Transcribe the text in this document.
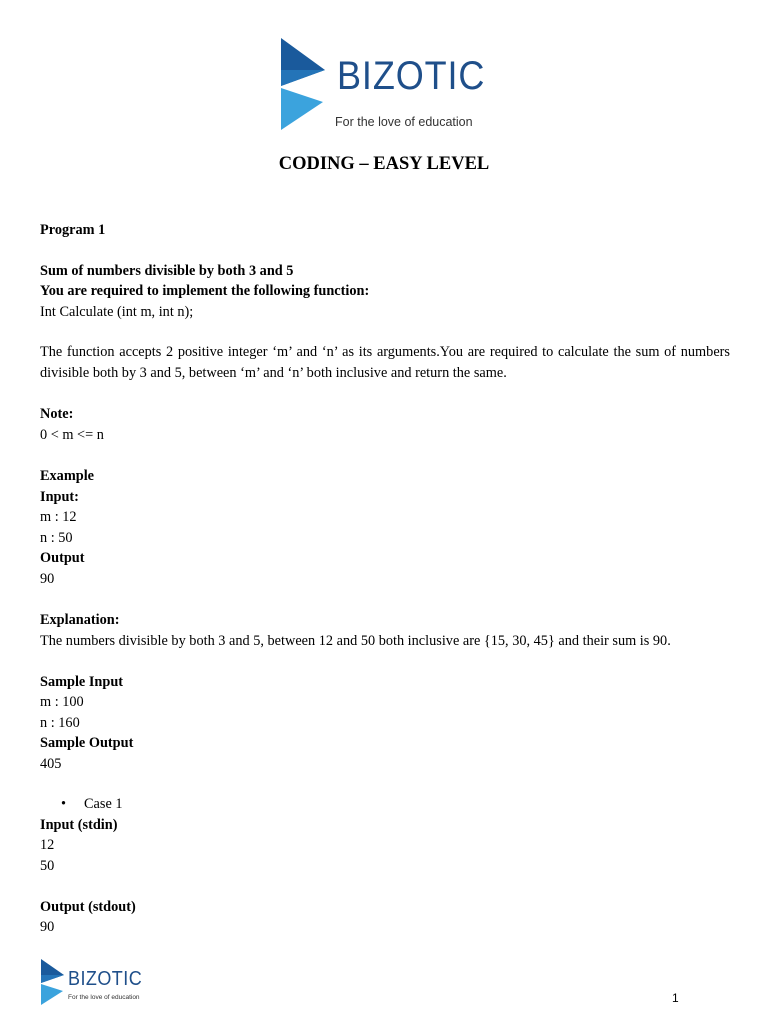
BIZOTIC
For the love of education
CODING – EASY LEVEL
Program 1
Sum of numbers divisible by both 3 and 5
You are required to implement the following function:
Int Calculate (int m, int n);
The function accepts 2 positive integer ‘m’ and ‘n’ as its arguments.You are required to calculate the sum of numbers divisible both by 3 and 5, between ‘m’ and ‘n’ both inclusive and return the same.
Note:
0 < m <= n
Example
Input:
m : 12
n : 50
Output
90
Explanation:
The numbers divisible by both 3 and 5, between 12 and 50 both inclusive are {15, 30, 45} and their sum is 90.
Sample Input
m : 100
n : 160
Sample Output
405
• Case 1
Input (stdin)
12
50
Output (stdout)
90
BIZOTIC
For the love of education	1
